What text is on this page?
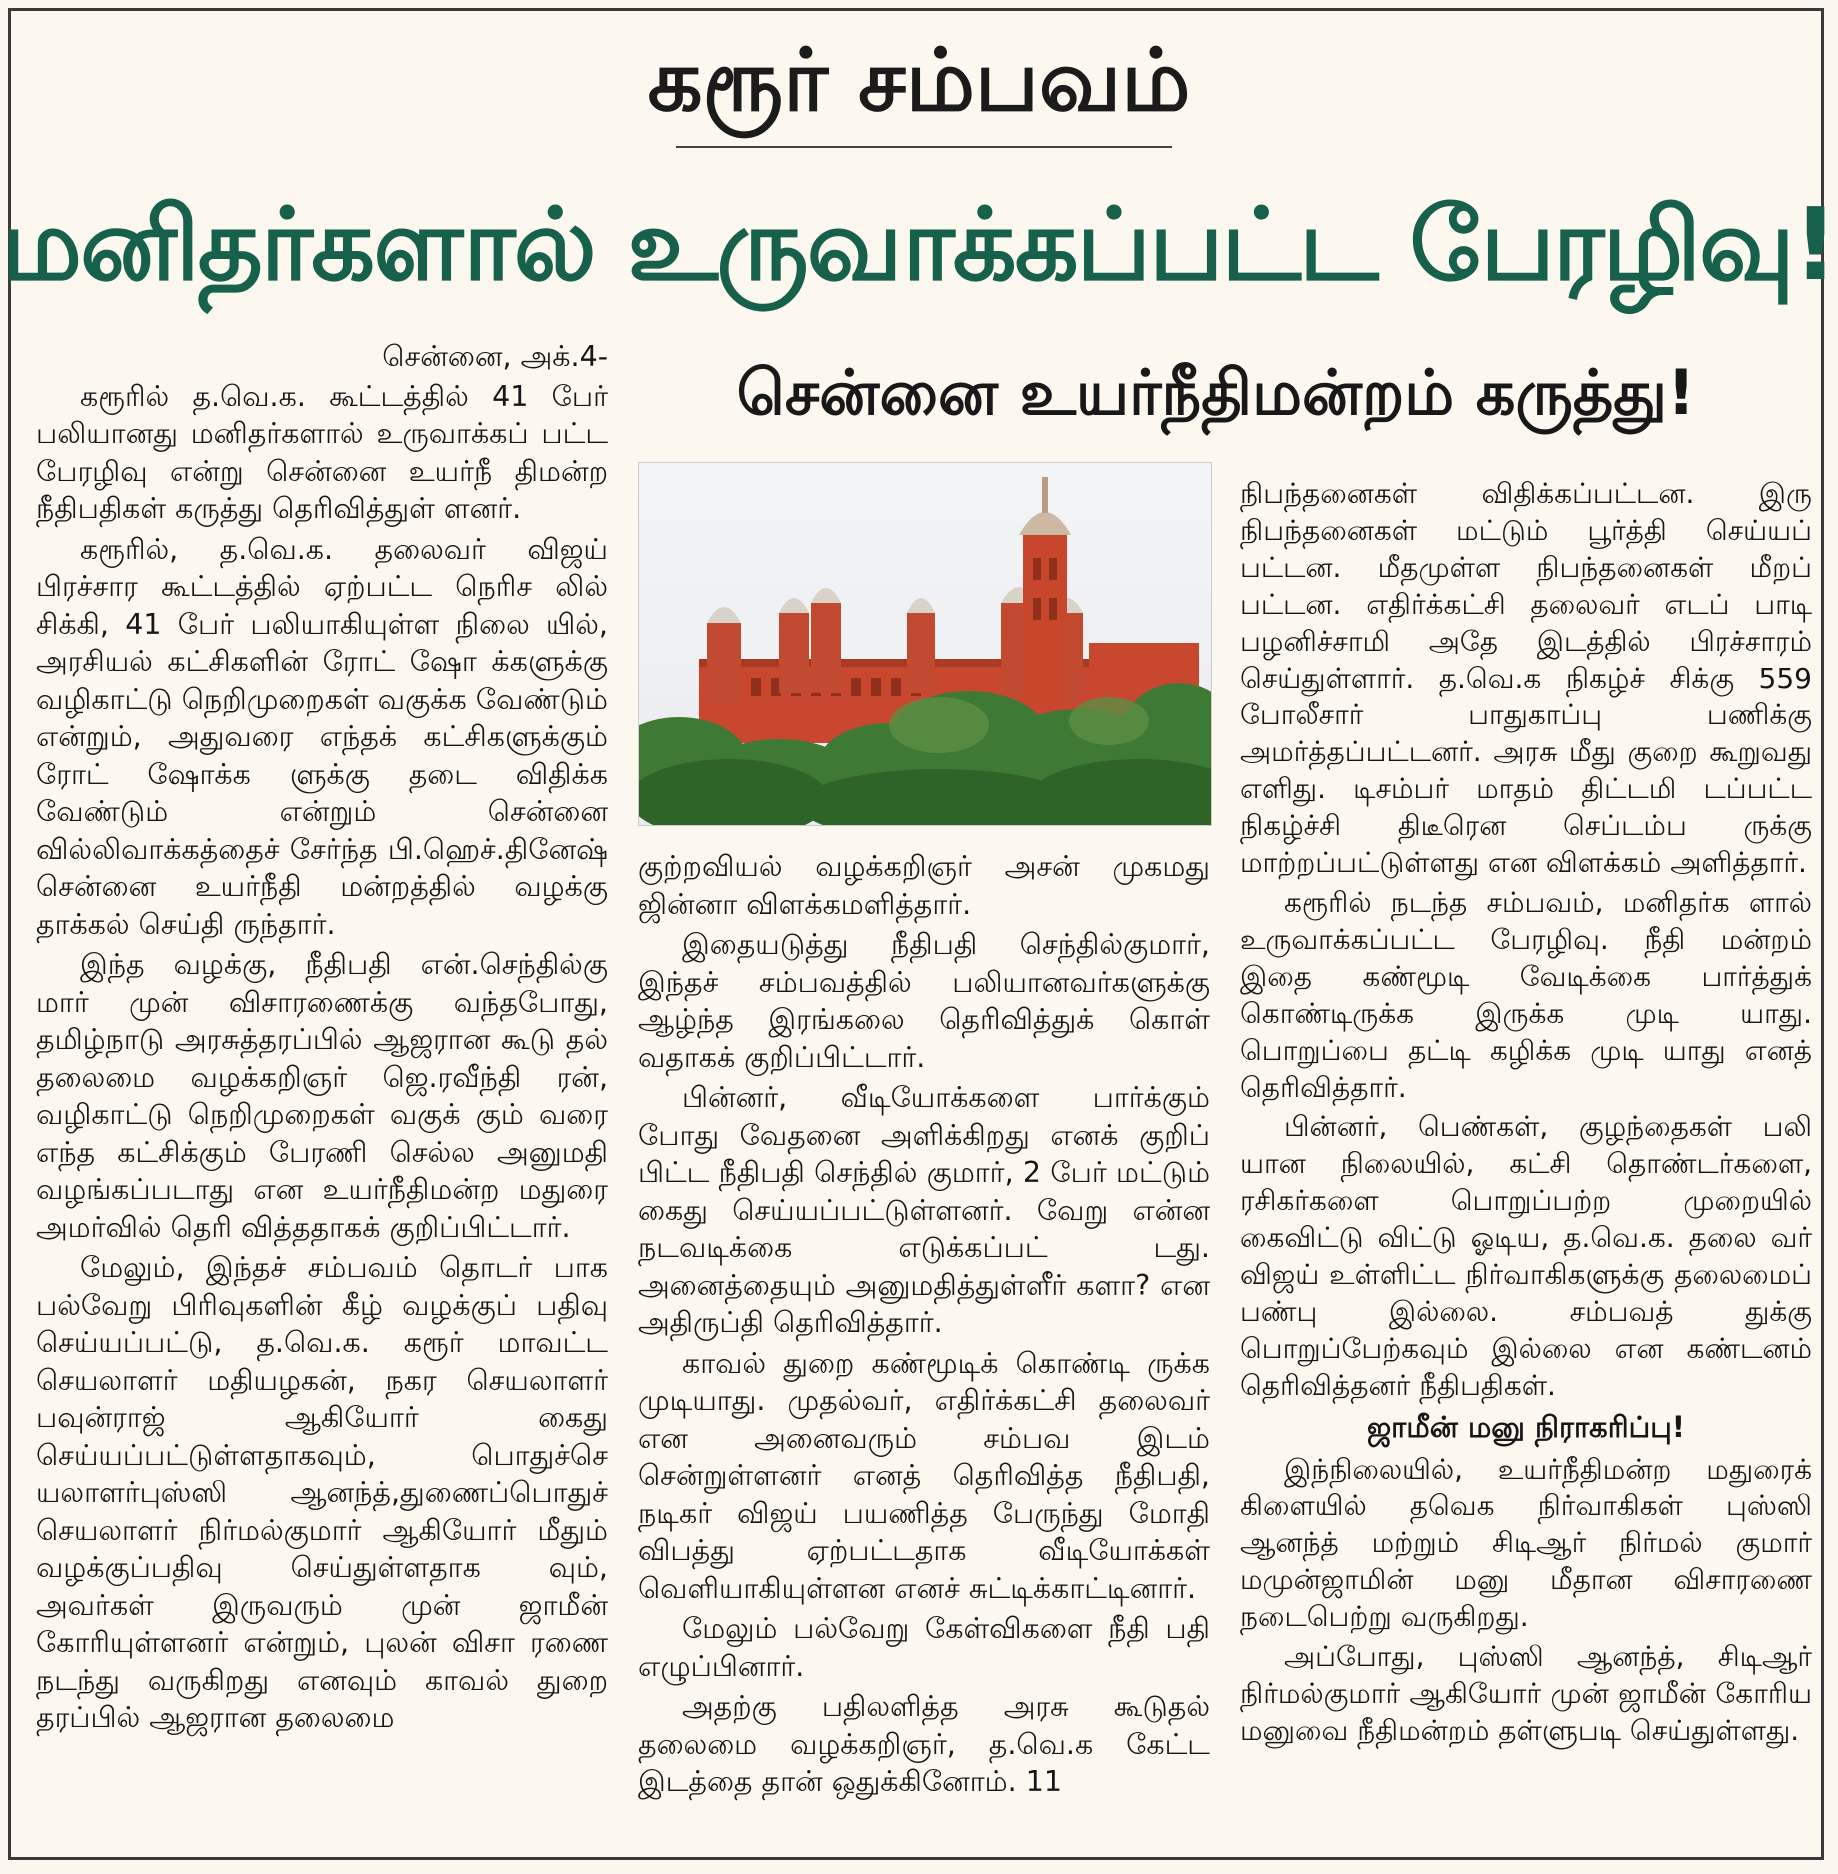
கரூர் சம்பவம்
மனிதர்களால் உருவாக்கப்பட்ட பேரழிவு!
சென்னை உயர்நீதிமன்றம் கருத்து!
சென்னை, அக்.4-

கரூரில் த.வெ.க. கூட்டத்தில் 41 பேர் பலியானது மனிதர்களால் உருவாக்கப் பட்ட பேரழிவு என்று சென்னை உயர்நீ திமன்ற நீதிபதிகள் கருத்து தெரிவித்துள் ளனர்.

கரூரில், த.வெ.க. தலைவர் விஜய் பிரச்சார கூட்டத்தில் ஏற்பட்ட நெரிச லில் சிக்கி, 41 பேர் பலியாகியுள்ள நிலை யில், அரசியல் கட்சிகளின் ரோட் ஷோ க்களுக்கு வழிகாட்டு நெறிமுறைகள் வகுக்க வேண்டும் என்றும், அதுவரை எந்தக் கட்சிகளுக்கும் ரோட் ஷோக்க ளுக்கு தடை விதிக்க வேண்டும் என்றும் சென்னை வில்லிவாக்கத்தைச் சேர்ந்த பி.ஹெச்.தினேஷ் சென்னை உயர்நீதி மன்றத்தில் வழக்கு தாக்கல் செய்தி ருந்தார்.

இந்த வழக்கு, நீதிபதி என்.செந்தில்கு மார் முன் விசாரணைக்கு வந்தபோது, தமிழ்நாடு அரசுத்தரப்பில் ஆஜரான கூடு தல் தலைமை வழக்கறிஞர் ஜெ.ரவீந்தி ரன், வழிகாட்டு நெறிமுறைகள் வகுக் கும் வரை எந்த கட்சிக்கும் பேரணி செல்ல அனுமதி வழங்கப்படாது என உயர்நீதிமன்ற மதுரை அமர்வில் தெரி வித்ததாகக் குறிப்பிட்டார்.

மேலும், இந்தச் சம்பவம் தொடர் பாக பல்வேறு பிரிவுகளின் கீழ் வழக்குப் பதிவு செய்யப்பட்டு, த.வெ.க. கரூர் மாவட்ட செயலாளர் மதியழகன், நகர செயலாளர் பவுன்ராஜ் ஆகியோர் கைது செய்யப்பட்டுள்ளதாகவும், பொதுச்செ யலாளர்புஸ்ஸி ஆனந்த்,துணைப்பொதுச் செயலாளர் நிர்மல்குமார் ஆகியோர் மீதும் வழக்குப்பதிவு செய்துள்ளதாக வும், அவர்கள் இருவரும் முன் ஜாமீன் கோரியுள்ளனர் என்றும், புலன் விசா ரணை நடந்து வருகிறது எனவும் காவல் துறை தரப்பில் ஆஜரான தலைமை

குற்றவியல் வழக்கறிஞர் அசன் முகமது ஜின்னா விளக்கமளித்தார்.

இதையடுத்து நீதிபதி செந்தில்குமார், இந்தச் சம்பவத்தில் பலியானவர்களுக்கு ஆழ்ந்த இரங்கலை தெரிவித்துக் கொள் வதாகக் குறிப்பிட்டார்.

பின்னர், வீடியோக்களை பார்க்கும் போது வேதனை அளிக்கிறது எனக் குறிப் பிட்ட நீதிபதி செந்தில் குமார், 2 பேர் மட்டும் கைது செய்யப்பட்டுள்ளனர். வேறு என்ன நடவடிக்கை எடுக்கப்பட் டது. அனைத்தையும் அனுமதித்துள்ளீர் களா? என அதிருப்தி தெரிவித்தார்.

காவல் துறை கண்மூடிக் கொண்டி ருக்க முடியாது. முதல்வர், எதிர்க்கட்சி தலைவர் என அனைவரும் சம்பவ இடம் சென்றுள்ளனர் எனத் தெரிவித்த நீதிபதி, நடிகர் விஜய் பயணித்த பேருந்து மோதி விபத்து ஏற்பட்டதாக வீடியோக்கள் வெளியாகியுள்ளன எனச் சுட்டிக்காட்டினார்.

மேலும் பல்வேறு கேள்விகளை நீதி பதி எழுப்பினார்.

அதற்கு பதிலளித்த அரசு கூடுதல் தலைமை வழக்கறிஞர், த.வெ.க கேட்ட இடத்தை தான் ஒதுக்கினோம். 11

நிபந்தனைகள் விதிக்கப்பட்டன. இரு நிபந்தனைகள் மட்டும் பூர்த்தி செய்யப் பட்டன. மீதமுள்ள நிபந்தனைகள் மீறப் பட்டன. எதிர்க்கட்சி தலைவர் எடப் பாடி பழனிச்சாமி அதே இடத்தில் பிரச்சாரம் செய்துள்ளார். த.வெ.க நிகழ்ச் சிக்கு 559 போலீசார் பாதுகாப்பு பணிக்கு அமர்த்தப்பட்டனர். அரசு மீது குறை கூறுவது எளிது. டிசம்பர் மாதம் திட்டமி டப்பட்ட நிகழ்ச்சி திடீரென செப்டம்ப ருக்கு மாற்றப்பட்டுள்ளது என விளக்கம் அளித்தார்.

கரூரில் நடந்த சம்பவம், மனிதர்க ளால் உருவாக்கப்பட்ட பேரழிவு. நீதி மன்றம் இதை கண்மூடி வேடிக்கை பார்த்துக் கொண்டிருக்க இருக்க முடி யாது. பொறுப்பை தட்டி கழிக்க முடி யாது எனத் தெரிவித்தார்.

பின்னர், பெண்கள், குழந்தைகள் பலி யான நிலையில், கட்சி தொண்டர்களை, ரசிகர்களை பொறுப்பற்ற முறையில் கைவிட்டு விட்டு ஓடிய, த.வெ.க. தலை வர் விஜய் உள்ளிட்ட நிர்வாகிகளுக்கு தலைமைப் பண்பு இல்லை. சம்பவத் துக்கு பொறுப்பேற்கவும் இல்லை என கண்டனம் தெரிவித்தனர் நீதிபதிகள்.

ஜாமீன் மனு நிராகரிப்பு!

இந்நிலையில், உயர்நீதிமன்ற மதுரைக் கிளையில் தவெக நிர்வாகிகள் புஸ்ஸி ஆனந்த் மற்றும் சிடிஆர் நிர்மல் குமார் மமுன்ஜாமின் மனு மீதான விசாரணை நடைபெற்று வருகிறது.

அப்போது, புஸ்ஸி ஆனந்த், சிடிஆர் நிர்மல்குமார் ஆகியோர் முன் ஜாமீன் கோரிய மனுவை நீதிமன்றம் தள்ளுபடி செய்துள்ளது.
